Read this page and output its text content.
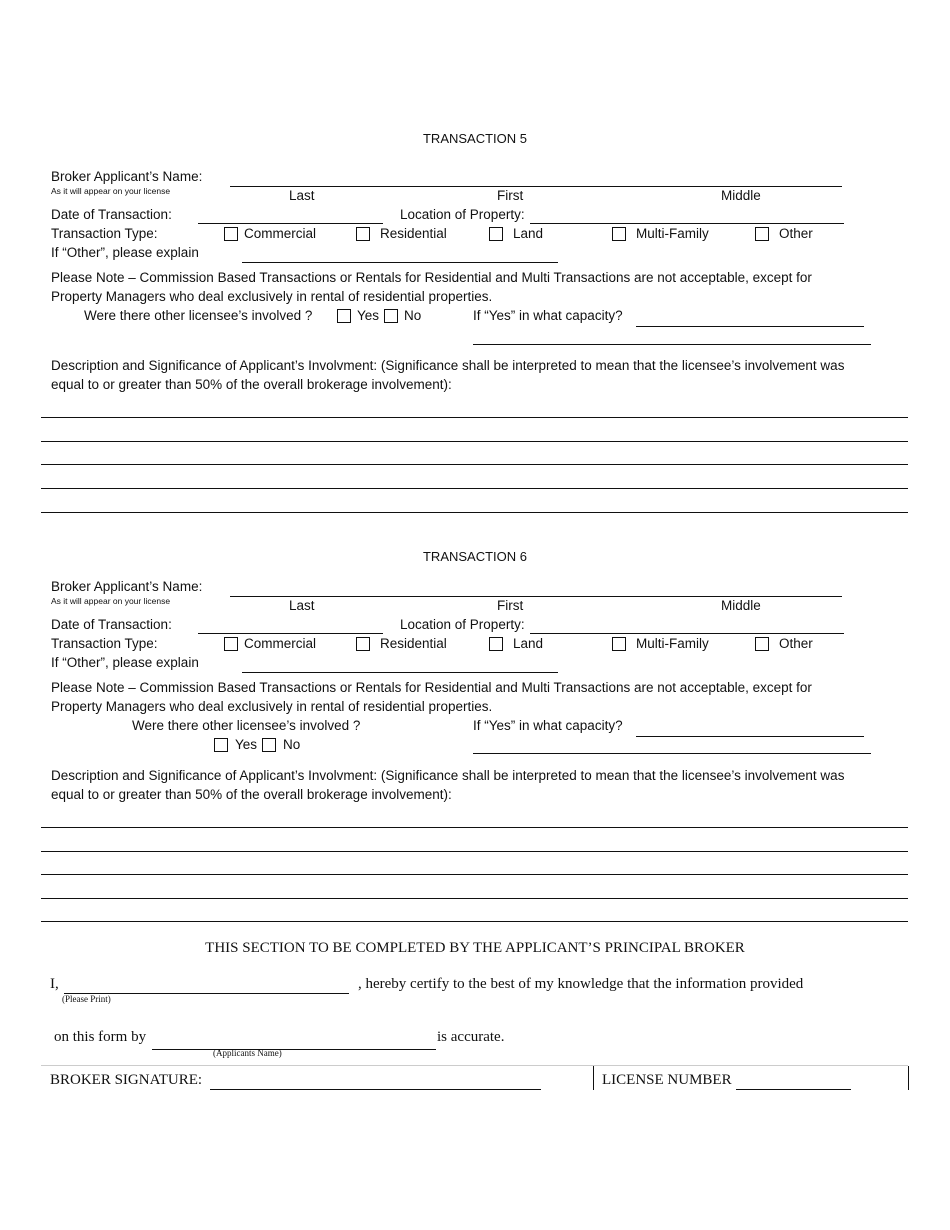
TRANSACTION 5
Broker Applicant’s Name:
As it will appear on your license	Last	First	Middle
Date of Transaction:	Location of Property:
Transaction Type:	Commercial	Residential	Land	Multi-Family	Other
If “Other”, please explain
Please Note – Commission Based Transactions or Rentals for Residential and Multi Transactions are not acceptable, except for
Property Managers who deal exclusively in rental of residential properties.
Were there other licensee’s involved ?	Yes No	If “Yes” in what capacity?
Description and Significance of Applicant’s Involvment: (Significance shall be interpreted to mean that the licensee’s involvement was
equal to or greater than 50% of the overall brokerage involvement):
TRANSACTION 6
Broker Applicant’s Name:
As it will appear on your license	Last	First	Middle
Date of Transaction:	Location of Property:
Transaction Type:	Commercial	Residential	Land	Multi-Family	Other
If “Other”, please explain
Please Note – Commission Based Transactions or Rentals for Residential and Multi Transactions are not acceptable, except for
Property Managers who deal exclusively in rental of residential properties.
Were there other licensee’s involved ?	If “Yes” in what capacity?
Yes No
Description and Significance of Applicant’s Involvment: (Significance shall be interpreted to mean that the licensee’s involvement was
equal to or greater than 50% of the overall brokerage involvement):
THIS SECTION TO BE COMPLETED BY THE APPLICANT’S PRINCIPAL BROKER
I,
(Please Print)
, hereby certify to the best of my knowledge that the information provided
on this form by
(Applicants Name)
is accurate.
BROKER SIGNATURE:	LICENSE NUMBER
